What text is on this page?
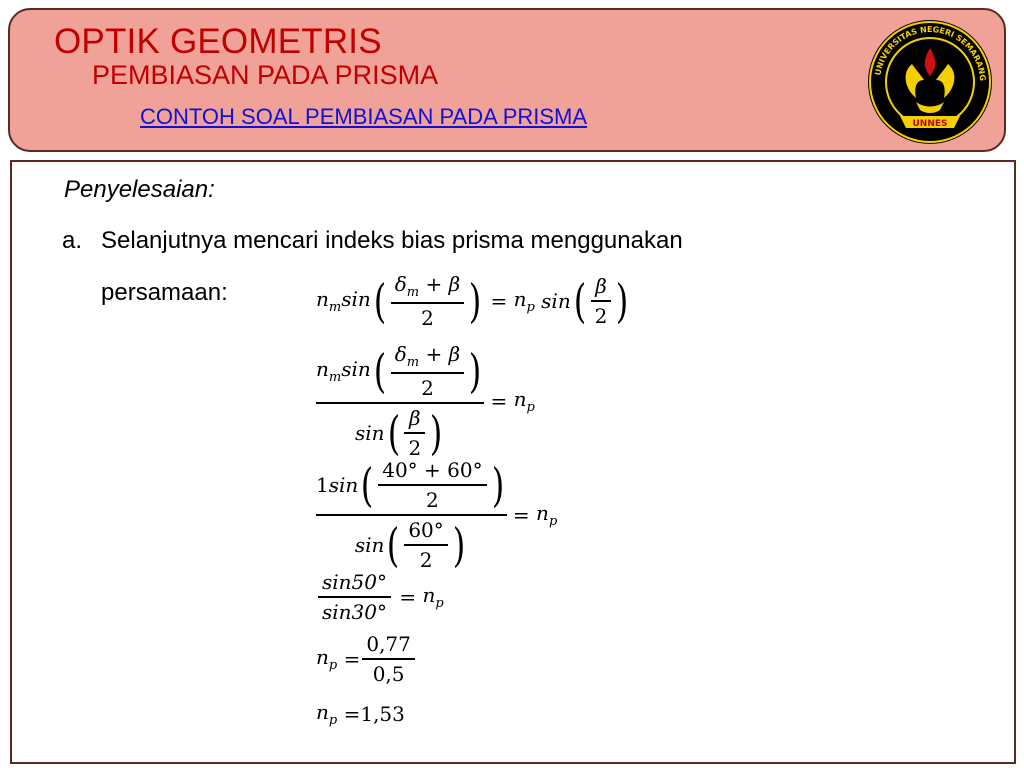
OPTIK GEOMETRIS
PEMBIASAN PADA PRISMA
CONTOH SOAL PEMBIASAN PADA PRISMA
UNIVERSITAS NEGERI SEMARANG
UNNES
Penyelesaian:
a. Selanjutnya mencari indeks bias prisma menggunakan
persamaan:	$n_m\sin$ ( $\frac{\delta_m + \beta}{2}$ ) = $n_p$ sin ( $\frac{\beta}{2}$ )
$\frac{n_m\sin ( \frac{\delta_m + \beta}{2} )}{\sin ( \frac{\beta}{2} )} = n_p$
$\frac{1 \sin ( \frac{40^\circ + 60^\circ}{2} )}{\sin ( \frac{60^\circ}{2} )} = n_p$
$\frac{\sin 50^\circ}{\sin 30^\circ} = n_p$
$n_p = \frac{0,77}{0,5}$
$n_p = 1,53$
